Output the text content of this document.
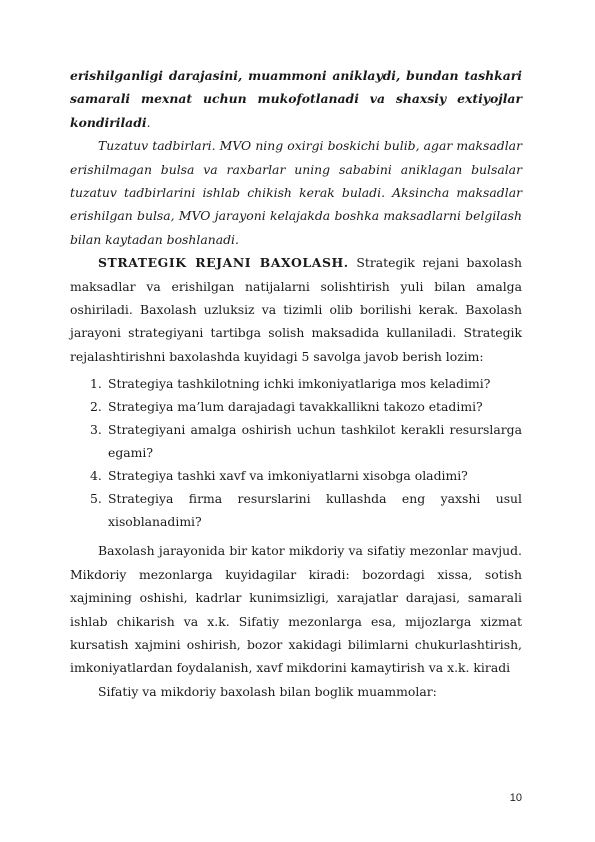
erishilganligi darajasini, muammoni aniklaydi, bundan tashkari

samarali mexnat uchun mukofotlanadi va shaxsiy extiyojlar kondiriladi.

Tuzatuv tadbirlari. MVO ning oxirgi boskichi bulib, agar maksadlar erishilmagan bulsa va raxbarlar uning sababini aniklagan bulsalar tuzatuv tadbirlarini ishlab chikish kerak buladi. Aksincha maksadlar erishilgan bulsa, MVO jarayoni kelajakda boshka maksadlarni belgilash bilan kaytadan boshlanadi.

STRATEGIK REJANI BAXOLASH. Strategik rejani baxolash maksadlar va erishilgan natijalarni solishtirish yuli bilan amalga oshiriladi. Baxolash uzluksiz va tizimli olib borilishi kerak. Baxolash jarayoni strategiyani tartibga solish maksadida kullaniladi. Strategik rejalashtirishni baxolashda kuyidagi 5 savolga javob berish lozim:

1. Strategiya tashkilotning ichki imkoniyatlariga mos keladimi?
2. Strategiya ma’lum darajadagi tavakkallikni takozo etadimi?
3. Strategiyani amalga oshirish uchun tashkilot kerakli resurslarga egami?
4. Strategiya tashki xavf va imkoniyatlarni xisobga oladimi?
5. Strategiya firma resurslarini kullashda eng yaxshi usul xisoblanadimi?

Baxolash jarayonida bir kator mikdoriy va sifatiy mezonlar mavjud. Mikdoriy mezonlarga kuyidagilar kiradi: bozordagi xissa, sotish xajmining oshishi, kadrlar kunimsizligi, xarajatlar darajasi, samarali ishlab chikarish va x.k. Sifatiy mezonlarga esa, mijozlarga xizmat kursatish xajmini oshirish, bozor xakidagi bilimlarni chukurlashtirish, imkoniyatlardan foydalanish, xavf mikdorini kamaytirish va x.k. kiradi

Sifatiy va mikdoriy baxolash bilan boglik muammolar:

10
